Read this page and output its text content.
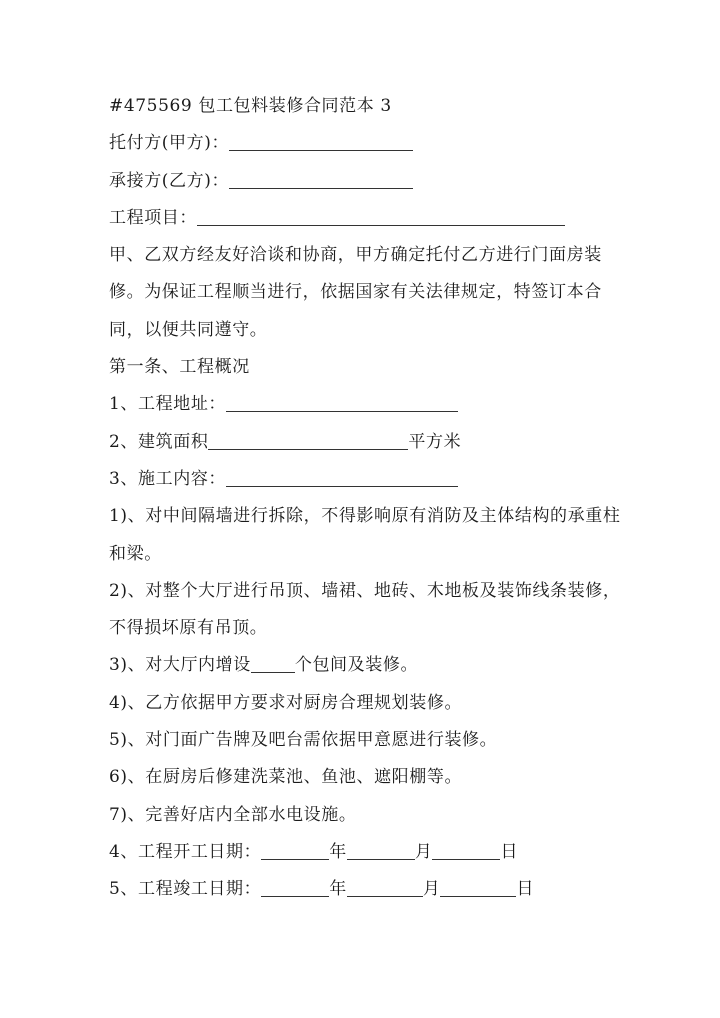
#475569 包工包料装修合同范本 3
托付方(甲方)：
承接方(乙方)：
工程项目：
甲、乙双方经友好洽谈和协商，甲方确定托付乙方进行门面房装修。为保证工程顺当进行，依据国家有关法律规定，特签订本合同，以便共同遵守。
第一条、工程概况
1、工程地址：
2、建筑面积	平方米
3、施工内容：
1)、对中间隔墙进行拆除，不得影响原有消防及主体结构的承重柱和梁。
2)、对整个大厅进行吊顶、墙裙、地砖、木地板及装饰线条装修，不得损坏原有吊顶。
3)、对大厅内增设	个包间及装修。
4)、乙方依据甲方要求对厨房合理规划装修。
5)、对门面广告牌及吧台需依据甲意愿进行装修。
6)、在厨房后修建洗菜池、鱼池、遮阳棚等。
7)、完善好店内全部水电设施。
4、工程开工日期：	年	月	日
5、工程竣工日期：	年	月	日
